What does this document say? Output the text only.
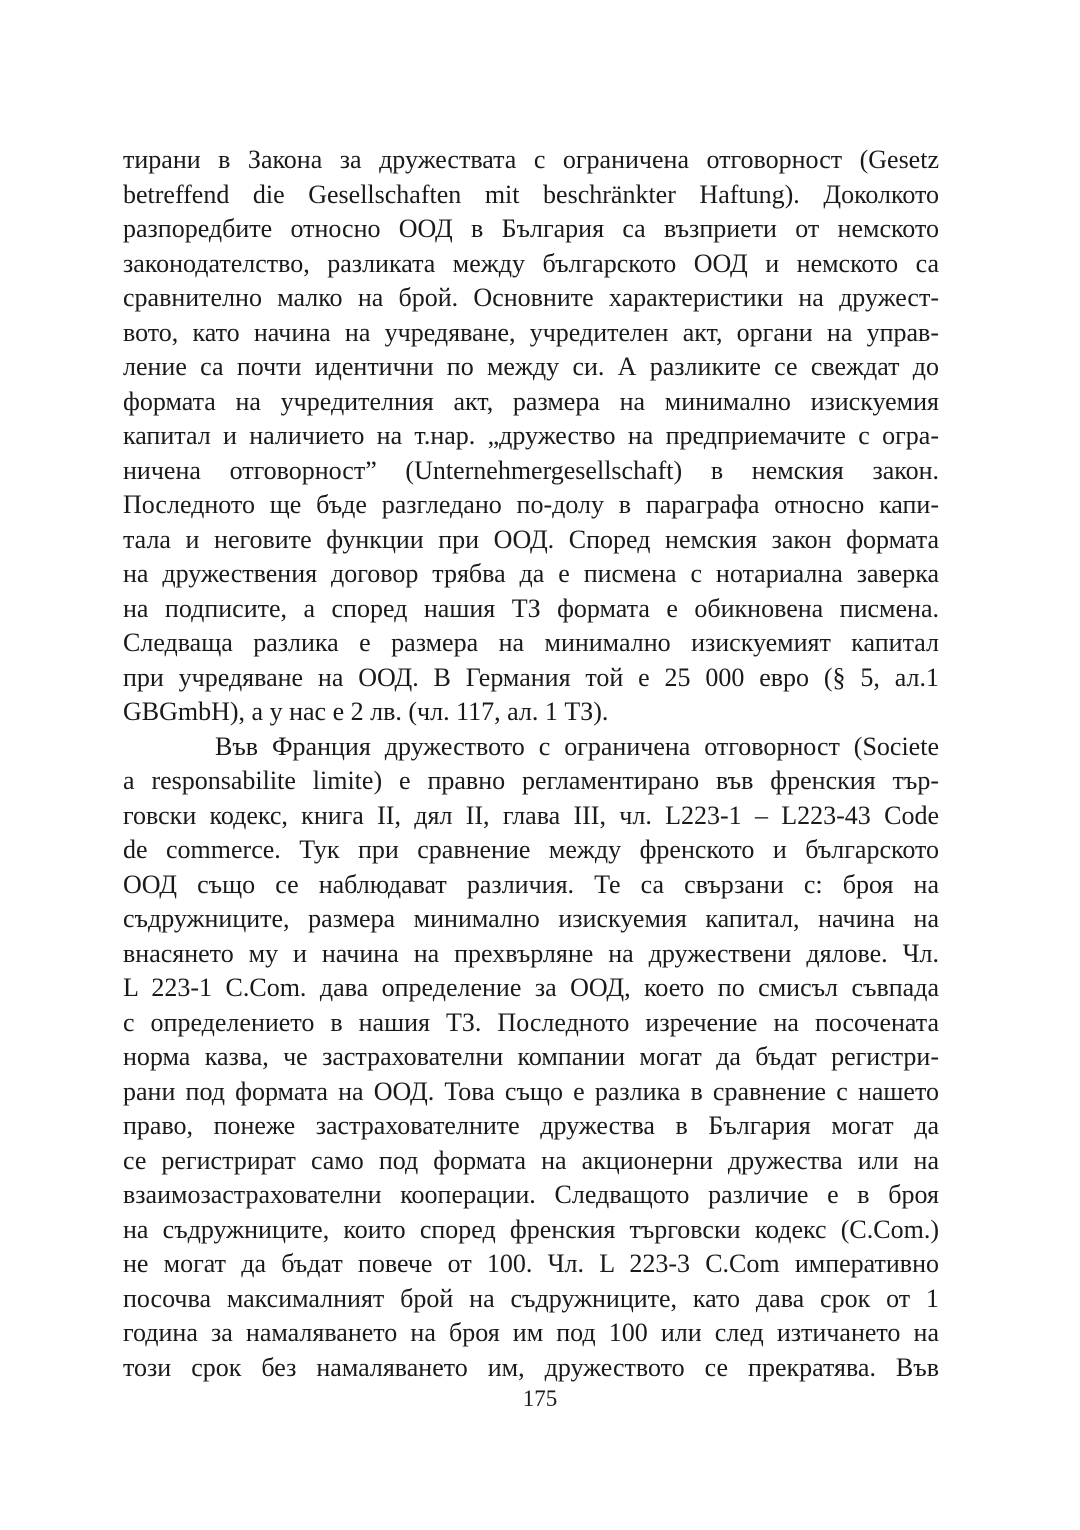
тирани в Закона за дружествата с ограничена отговорност (Gesetz
betreffend die Gesellschaften mit beschränkter Haftung). Доколкото
разпоредбите относно ООД в България са възприети от немското
законодателство, разликата между българското ООД и немското са
сравнително малко на брой. Основните характеристики на дружест-
вото, като начина на учредяване, учредителен акт, органи на управ-
ление са почти идентични по между си. А разликите се свеждат до
формата на учредителния акт, размера на минимално изискуемия
капитал и наличието на т.нар. „дружество на предприемачите с огра-
ничена отговорност” (Unternehmergesellschaft) в немския закон.
Последното ще бъде разгледано по-долу в параграфа относно капи-
тала и неговите функции при ООД. Според немския закон формата
на дружествения договор трябва да е писмена с нотариална заверка
на подписите, а според нашия ТЗ формата е обикновена писмена.
Следваща разлика е размера на минимално изискуемият капитал
при учредяване на ООД. В Германия той е 25 000 евро (§ 5, ал.1
GBGmbH), а у нас е 2 лв. (чл. 117, ал. 1 ТЗ).
Във Франция дружеството с ограничена отговорност (Societe
a responsabilite limite) е правно регламентирано във френския тър-
говски кодекс, книга II, дял II, глава III, чл. L223-1 – L223-43 Code
de commerce. Тук при сравнение между френското и българското
ООД също се наблюдават различия. Те са свързани с: броя на
съдружниците, размера минимално изискуемия капитал, начина на
внасянето му и начина на прехвърляне на дружествени дялове. Чл.
L 223-1 C.Com. дава определение за ООД, което по смисъл съвпада
с определението в нашия ТЗ. Последното изречение на посочената
норма казва, че застрахователни компании могат да бъдат регистри-
рани под формата на ООД. Това също е разлика в сравнение с нашето
право, понеже застрахователните дружества в България могат да
се регистрират само под формата на акционерни дружества или на
взаимозастрахователни кооперации. Следващото различие е в броя
на съдружниците, които според френския търговски кодекс (C.Com.)
не могат да бъдат повече от 100. Чл. L 223-3 C.Com императивно
посочва максималният брой на съдружниците, като дава срок от 1
година за намаляването на броя им под 100 или след изтичането на
този срок без намаляването им, дружеството се прекратява. Във
175
